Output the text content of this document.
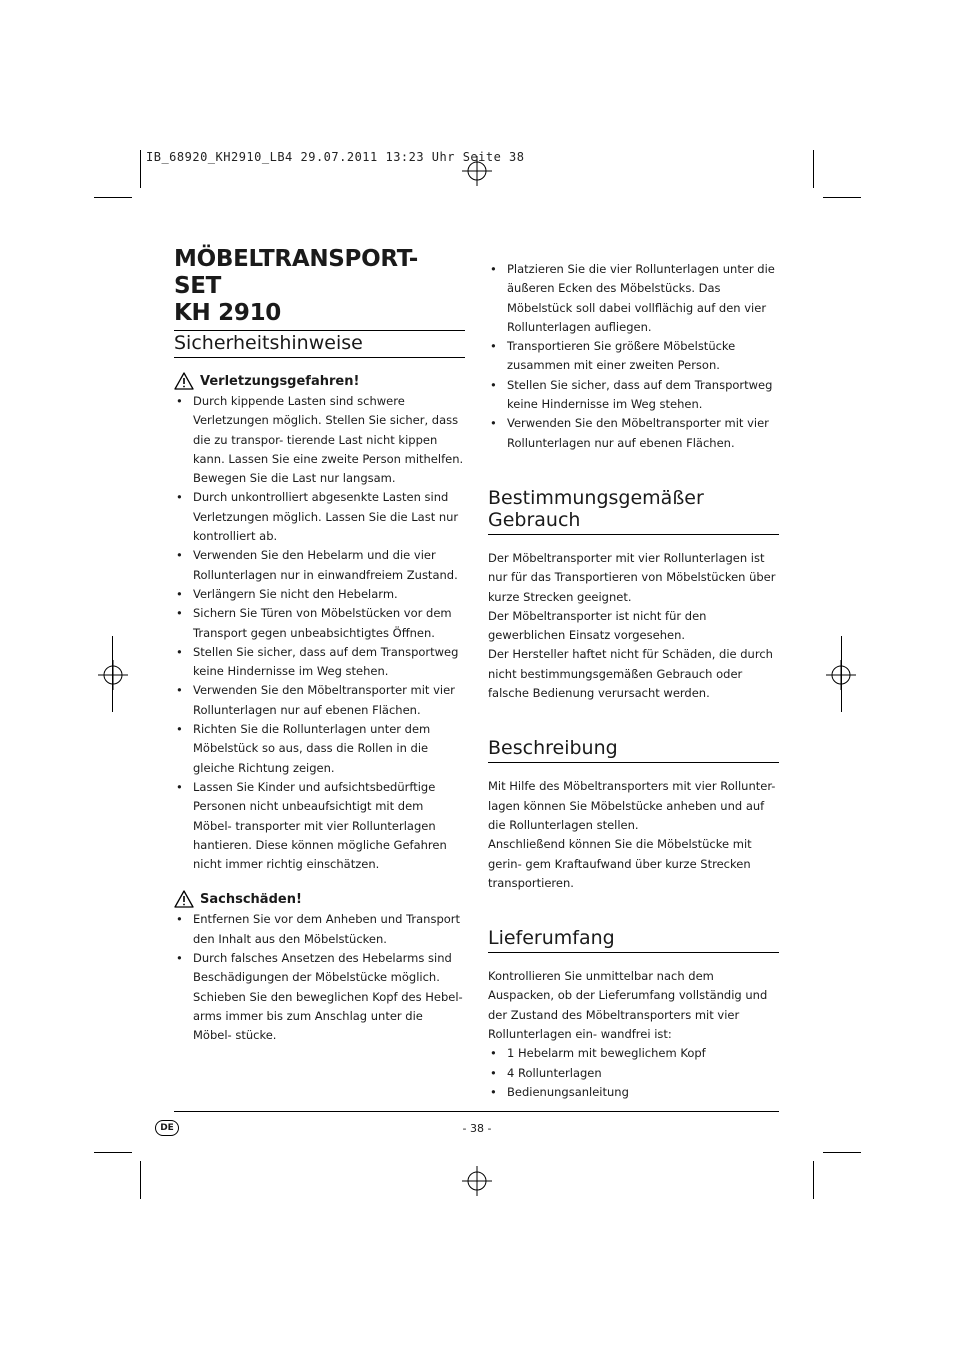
IB_68920_KH2910_LB4 29.07.2011 13:23 Uhr Seite 38
MÖBELTRANSPORT-SET
KH 2910
Sicherheitshinweise
Verletzungsgefahren!
• Durch kippende Lasten sind schwere Verletzungen möglich. Stellen Sie sicher, dass die zu transpor- tierende Last nicht kippen kann. Lassen Sie eine zweite Person mithelfen. Bewegen Sie die Last nur langsam.
• Durch unkontrolliert abgesenkte Lasten sind Verletzungen möglich. Lassen Sie die Last nur kontrolliert ab.
• Verwenden Sie den Hebelarm und die vier Rollunterlagen nur in einwandfreiem Zustand.
• Verlängern Sie nicht den Hebelarm.
• Sichern Sie Türen von Möbelstücken vor dem Transport gegen unbeabsichtigtes Öffnen.
• Stellen Sie sicher, dass auf dem Transportweg keine Hindernisse im Weg stehen.
• Verwenden Sie den Möbeltransporter mit vier Rollunterlagen nur auf ebenen Flächen.
• Richten Sie die Rollunterlagen unter dem Möbelstück so aus, dass die Rollen in die gleiche Richtung zeigen.
• Lassen Sie Kinder und aufsichtsbedürftige Personen nicht unbeaufsichtigt mit dem Möbel- transporter mit vier Rollunterlagen hantieren. Diese können mögliche Gefahren nicht immer richtig einschätzen.
Sachschäden!
• Entfernen Sie vor dem Anheben und Transport den Inhalt aus den Möbelstücken.
• Durch falsches Ansetzen des Hebelarms sind Beschädigungen der Möbelstücke möglich. Schieben Sie den beweglichen Kopf des Hebel- arms immer bis zum Anschlag unter die Möbel- stücke.
• Platzieren Sie die vier Rollunterlagen unter die äußeren Ecken des Möbelstücks. Das Möbelstück soll dabei vollflächig auf den vier Rollunterlagen aufliegen.
• Transportieren Sie größere Möbelstücke zusammen mit einer zweiten Person.
• Stellen Sie sicher, dass auf dem Transportweg keine Hindernisse im Weg stehen.
• Verwenden Sie den Möbeltransporter mit vier Rollunterlagen nur auf ebenen Flächen.
Bestimmungsgemäßer
Gebrauch

Der Möbeltransporter mit vier Rollunterlagen ist nur für das Transportieren von Möbelstücken über kurze Strecken geeignet.

Der Möbeltransporter ist nicht für den gewerblichen Einsatz vorgesehen.

Der Hersteller haftet nicht für Schäden, die durch nicht bestimmungsgemäßen Gebrauch oder falsche Bedienung verursacht werden.

Beschreibung

Mit Hilfe des Möbeltransporters mit vier Rollunter- lagen können Sie Möbelstücke anheben und auf die Rollunterlagen stellen.

Anschließend können Sie die Möbelstücke mit gerin- gem Kraftaufwand über kurze Strecken transportieren.

Lieferumfang

Kontrollieren Sie unmittelbar nach dem Auspacken, ob der Lieferumfang vollständig und der Zustand des Möbeltransporters mit vier Rollunterlagen ein- wandfrei ist:

• 1 Hebelarm mit beweglichem Kopf
• 4 Rollunterlagen
• Bedienungsanleitung
DE	- 38 -
